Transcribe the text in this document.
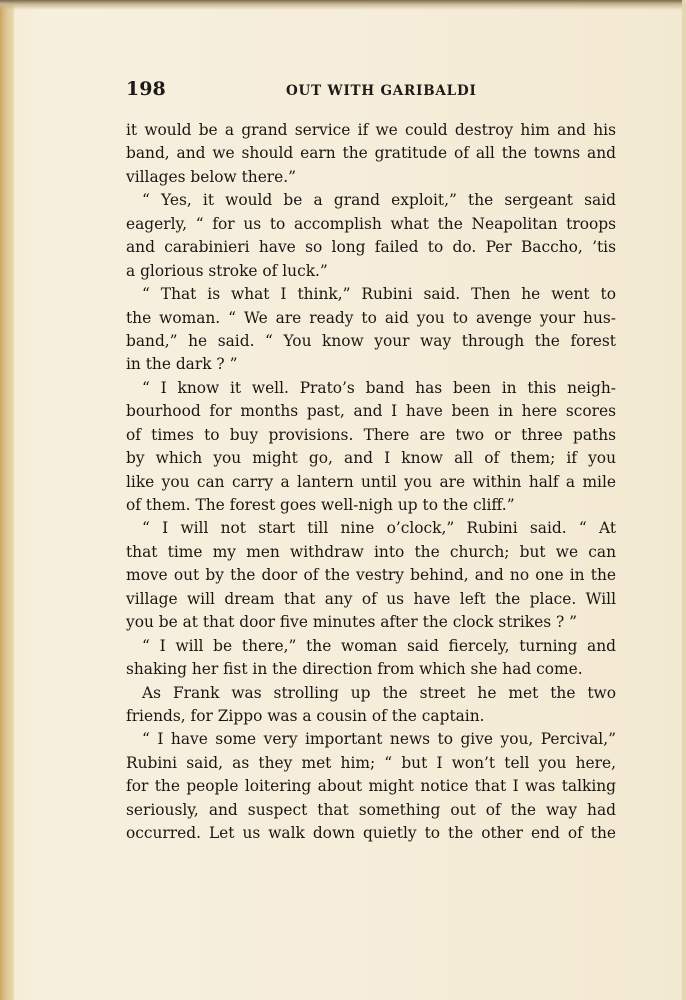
198	OUT WITH GARIBALDI
it would be a grand service if we could destroy him and his
band, and we should earn the gratitude of all the towns and
villages below there.”
“ Yes, it would be a grand exploit,” the sergeant said
eagerly, “ for us to accomplish what the Neapolitan troops
and carabinieri have so long failed to do. Per Baccho, ’tis
a glorious stroke of luck.”
“ That is what I think,” Rubini said. Then he went to
the woman. “ We are ready to aid you to avenge your hus-
band,” he said. “ You know your way through the forest
in the dark ? ”
“ I know it well. Prato’s band has been in this neigh-
bourhood for months past, and I have been in here scores
of times to buy provisions. There are two or three paths
by which you might go, and I know all of them; if you
like you can carry a lantern until you are within half a mile
of them. The forest goes well-nigh up to the cliff.”
“ I will not start till nine o’clock,” Rubini said. “ At
that time my men withdraw into the church; but we can
move out by the door of the vestry behind, and no one in the
village will dream that any of us have left the place. Will
you be at that door five minutes after the clock strikes ? ”
“ I will be there,” the woman said fiercely, turning and
shaking her fist in the direction from which she had come.
As Frank was strolling up the street he met the two
friends, for Zippo was a cousin of the captain.
“ I have some very important news to give you, Percival,”
Rubini said, as they met him; “ but I won’t tell you here,
for the people loitering about might notice that I was talking
seriously, and suspect that something out of the way had
occurred. Let us walk down quietly to the other end of the
